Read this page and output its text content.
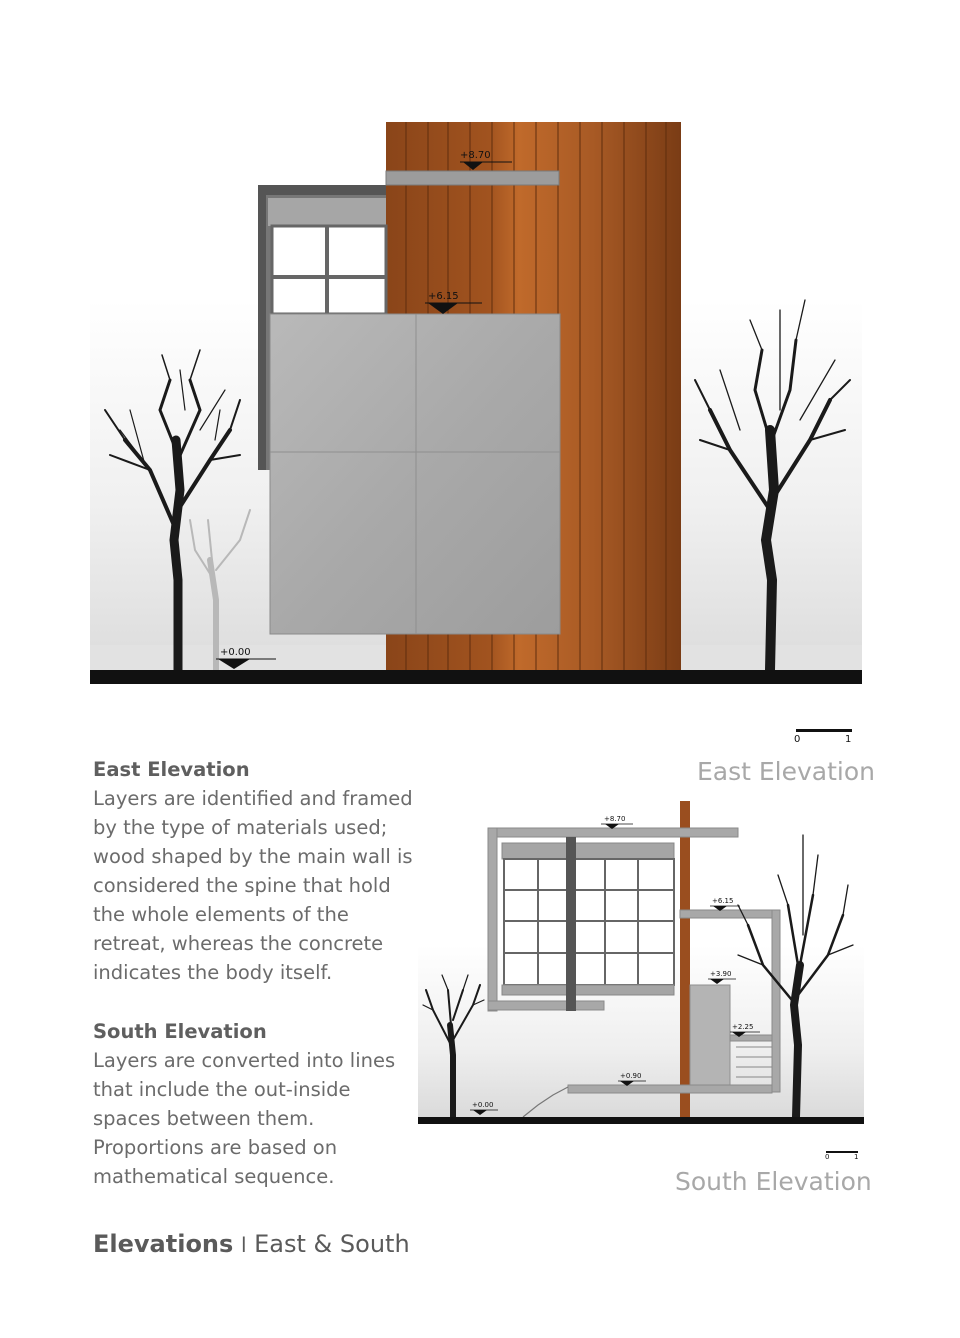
+8.70
+6.15
+0.00
0	1
East Elevation
+8.70
+6.15
+3.90
+2.25
+0.90
+0.00
0	1
South Elevation

East Elevation

Layers are identified and framed by the type of materials used; wood shaped by the main wall is considered the spine that hold the whole elements of the retreat, whereas the concrete indicates the body itself.

South Elevation

Layers are converted into lines that include the out-inside spaces between them. Proportions are based on mathematical sequence.

Elevations l East & South
